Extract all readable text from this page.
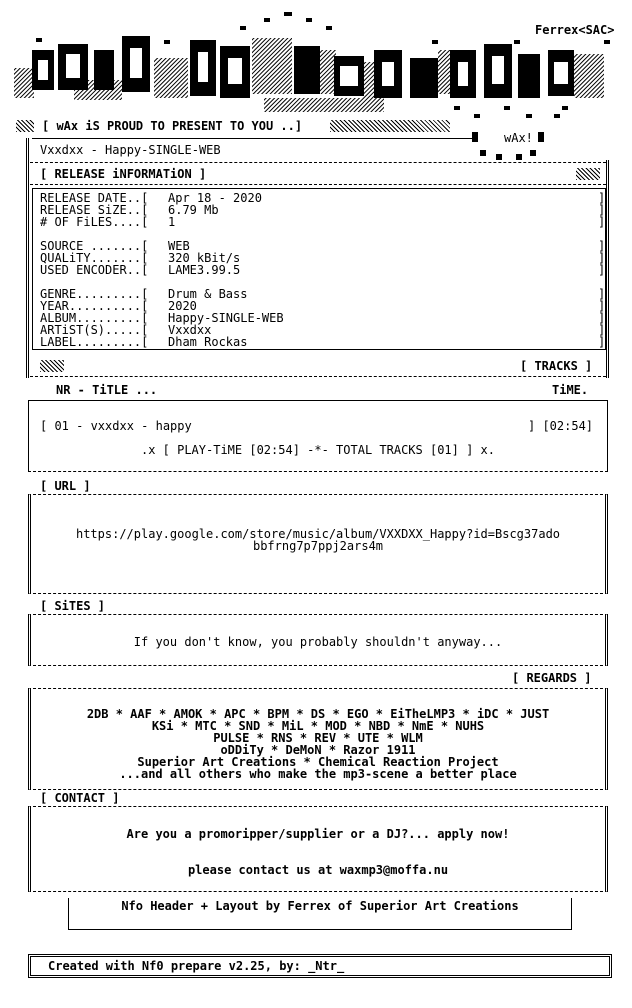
Ferrex<SAC>
[ wAx iS PROUD TO PRESENT TO YOU ..]
wAx!
Vxxdxx - Happy-SINGLE-WEB
[ RELEASE iNFORMATiON ]
RELEASE DATE..[ Apr 18 - 2020	]
RELEASE SiZE..[ 6.79 Mb	]
# OF FiLES....[ 1	]
SOURCE .......[ WEB	]
QUALiTY.......[ 320 kBit/s	]
USED ENCODER..[ LAME3.99.5	]
GENRE.........[ Drum & Bass	]
YEAR..........[ 2020	]
ALBUM.........[ Happy-SINGLE-WEB	]
ARTiST(S).....[ Vxxdxx	]
LABEL.........[ Dham Rockas	]
[ TRACKS ]
NR - TiTLE ...	TiME.
[ 01 - vxxdxx - happy	] [02:54]
.x [ PLAY-TiME [02:54] -*- TOTAL TRACKS [01] ] x.
[ URL ]
https://play.google.com/store/music/album/VXXDXX_Happy?id=Bscg37ado
bbfrng7p7ppj2ars4m
[ SiTES ]
If you don't know, you probably shouldn't anyway...
[ REGARDS ]
2DB * AAF * AMOK * APC * BPM * DS * EGO * EiTheLMP3 * iDC * JUST
KSi * MTC * SND * MiL * MOD * NBD * NmE * NUHS
PULSE * RNS * REV * UTE * WLM
oDDiTy * DeMoN * Razor 1911
Superior Art Creations * Chemical Reaction Project
...and all others who make the mp3-scene a better place
[ CONTACT ]
Are you a promoripper/supplier or a DJ?... apply now!
please contact us at waxmp3@moffa.nu
Nfo Header + Layout by Ferrex of Superior Art Creations
Created with Nf0 prepare v2.25, by: _Ntr_
